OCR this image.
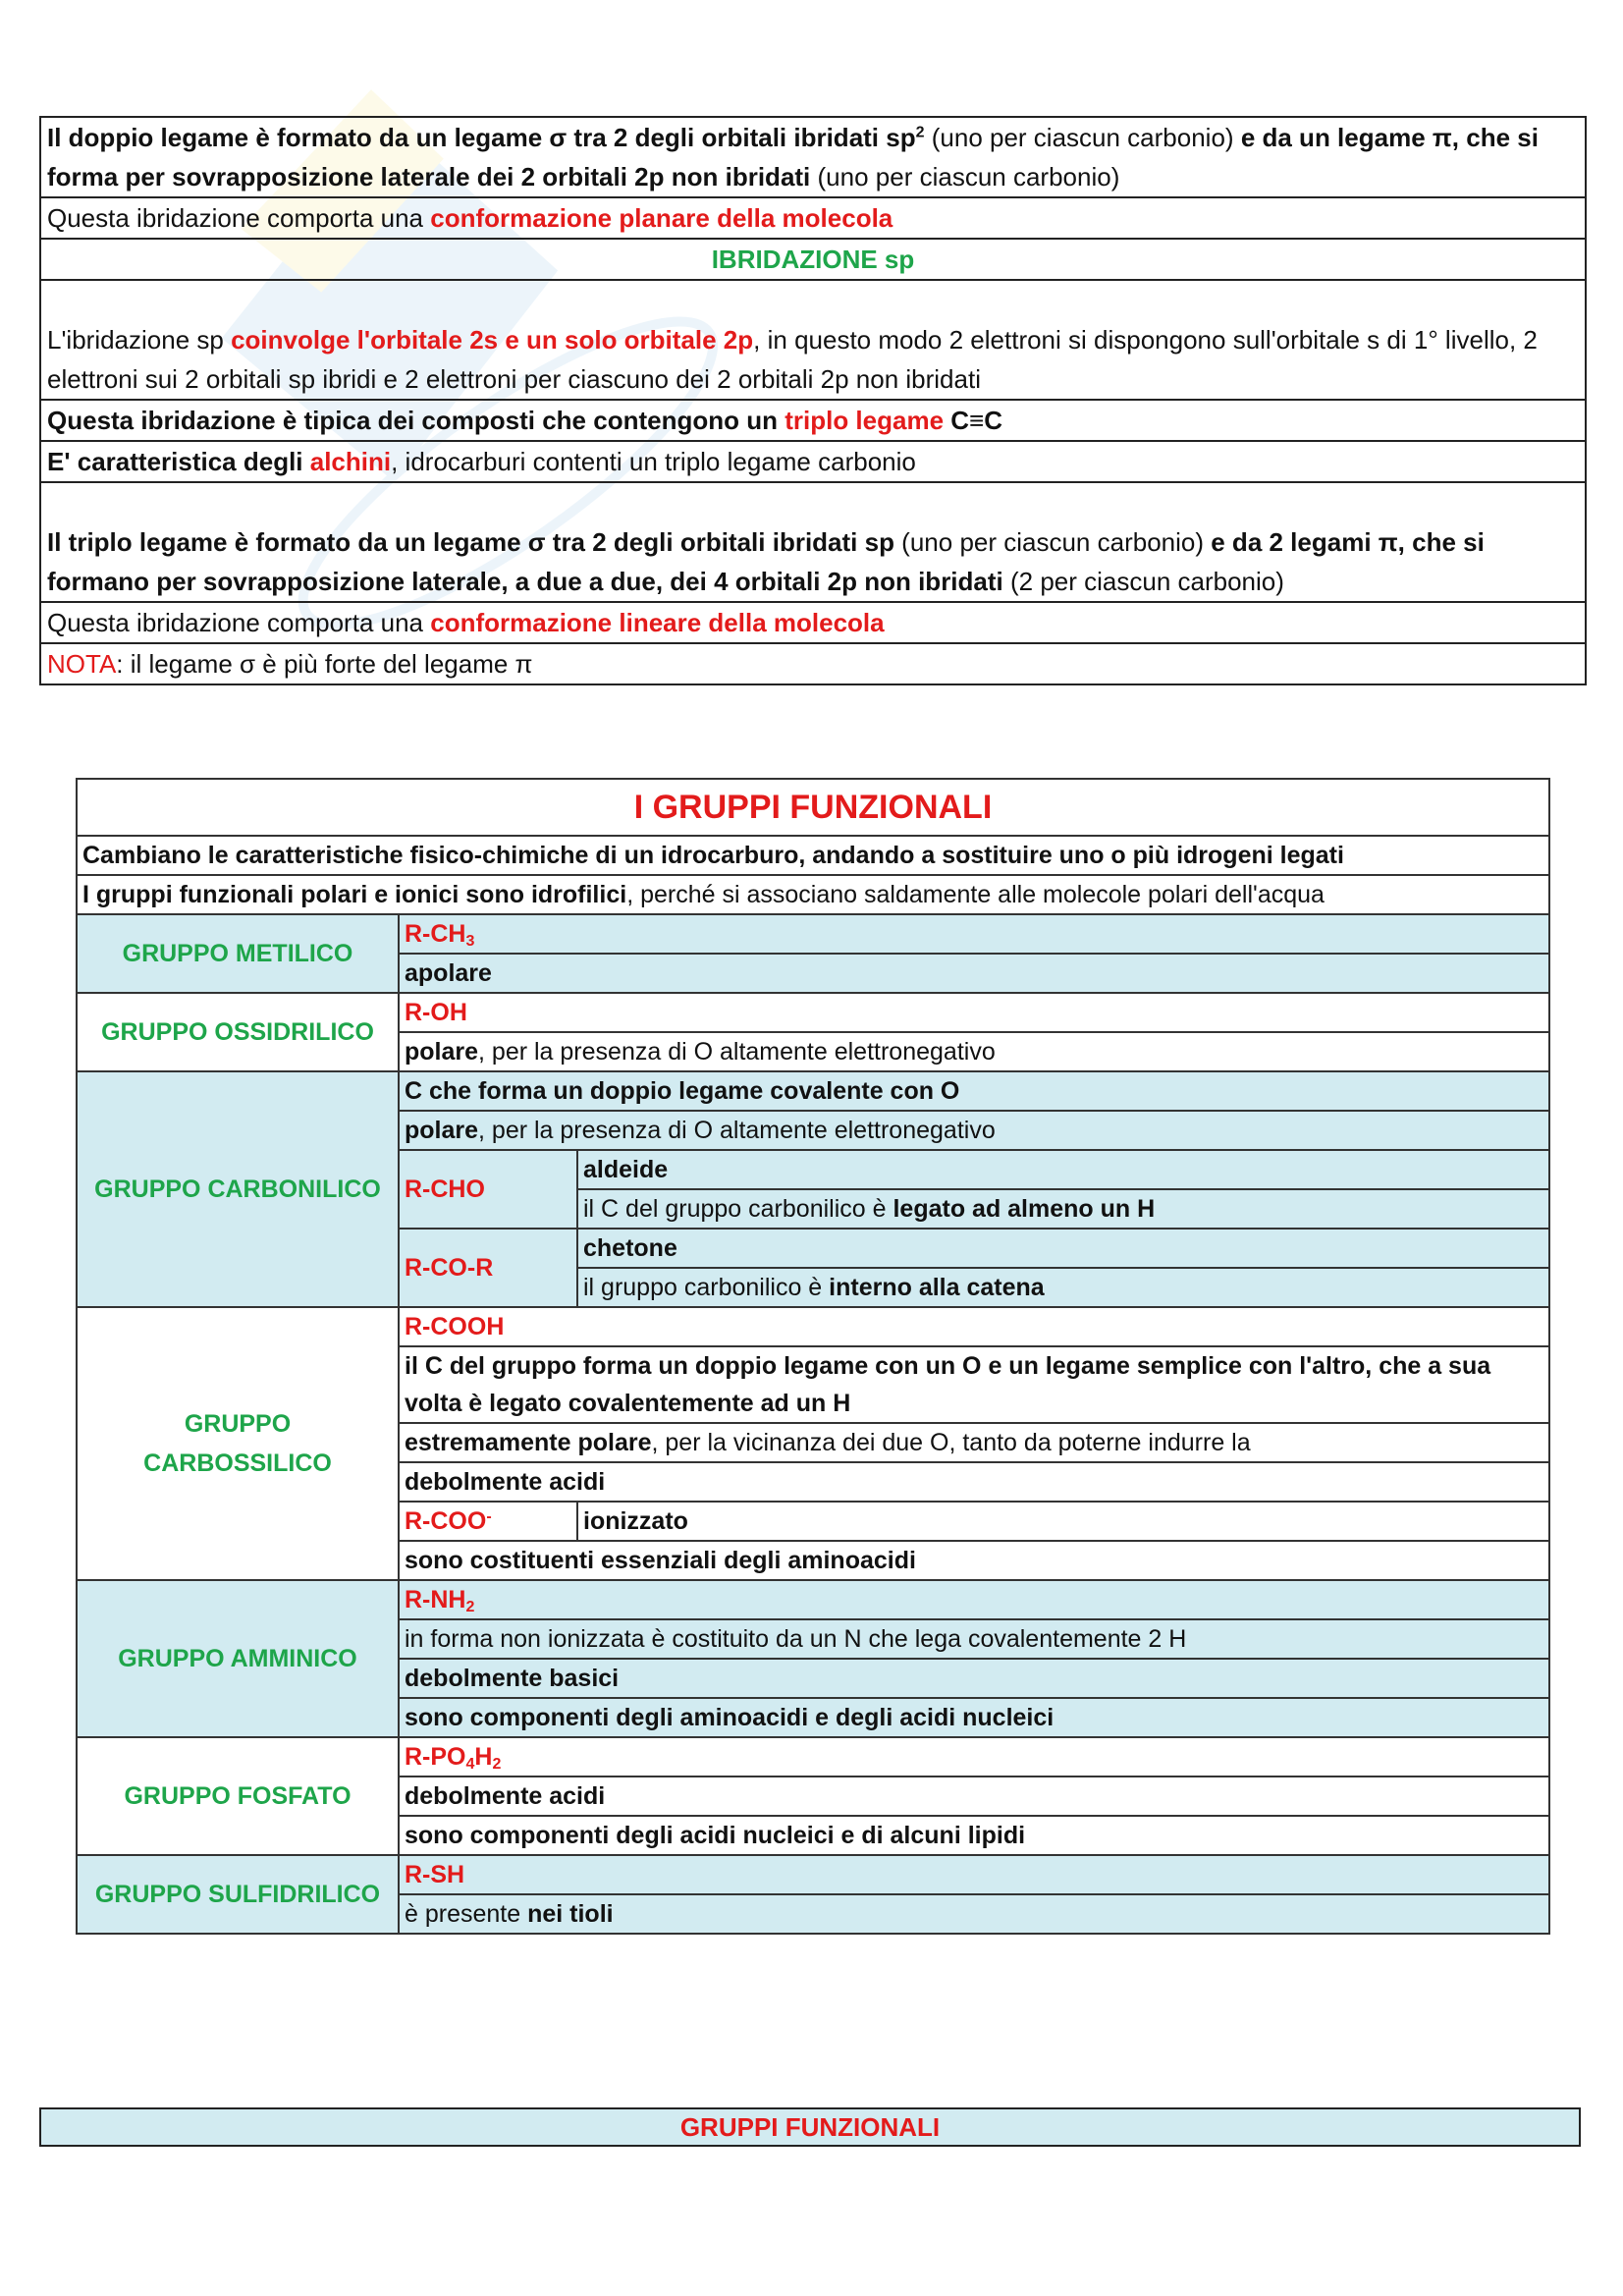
Il doppio legame è formato da un legame σ tra 2 degli orbitali ibridati $sp^2$ (uno per ciascun carbonio) e da un legame π, che si forma per sovrapposizione laterale dei 2 orbitali 2p non ibridati (uno per ciascun carbonio)
Questa ibridazione comporta una conformazione planare della molecola
IBRIDAZIONE sp
L'ibridazione sp coinvolge l'orbitale 2s e un solo orbitale 2p, in questo modo 2 elettroni si dispongono sull'orbitale s di 1° livello, 2 elettroni sui 2 orbitali sp ibridi e 2 elettroni per ciascuno dei 2 orbitali 2p non ibridati
Questa ibridazione è tipica dei composti che contengono un triplo legame C≡C
E' caratteristica degli alchini, idrocarburi contenti un triplo legame carbonio
Il triplo legame è formato da un legame σ tra 2 degli orbitali ibridati sp (uno per ciascun carbonio) e da 2 legami π, che si formano per sovrapposizione laterale, a due a due, dei 4 orbitali 2p non ibridati (2 per ciascun carbonio)
Questa ibridazione comporta una conformazione lineare della molecola
NOTA: il legame σ è più forte del legame π
I GRUPPI FUNZIONALI		
Cambiano le caratteristiche fisico-chimiche di un idrocarburo, andando a sostituire uno o più idrogeni legati		
I gruppi funzionali polari e ionici sono idrofilici, perché si associano saldamente alle molecole polari dell'acqua		
GRUPPO METILICO	$R-CH_3$
	apolare	
GRUPPO OSSIDRILICO	R-OH	
	polare, per la presenza di O altamente elettronegativo	
GRUPPO CARBONILICO	C che forma un doppio legame covalente con O	
	polare, per la presenza di O altamente elettronegativo	
	R-CHO	aldeide
		il C del gruppo carbonilico è legato ad almeno un H
	R-CO-R	chetone
		il gruppo carbonilico è interno alla catena
GRUPPO CARBOSSILICO	R-COOH	
	il C del gruppo forma un doppio legame con un O e un legame semplice con l'altro, che a sua volta è legato covalentemente ad un H	
	estremamente polare, per la vicinanza dei due O, tanto da poterne indurre la	
	debolmente acidi	
	R-COO-	ionizzato
	sono costituenti essenziali degli aminoacidi	
GRUPPO AMMINICO	$R-NH_2$
	in forma non ionizzata è costituito da un N che lega covalentemente 2 H	
	debolmente basici	
	sono componenti degli aminoacidi e degli acidi nucleici	
GRUPPO FOSFATO	$R-PO_4H_2$
	debolmente acidi	
	sono componenti degli acidi nucleici e di alcuni lipidi	
GRUPPO SULFIDRILICO	R-SH	
	è presente nei tioli	
GRUPPI FUNZIONALI
